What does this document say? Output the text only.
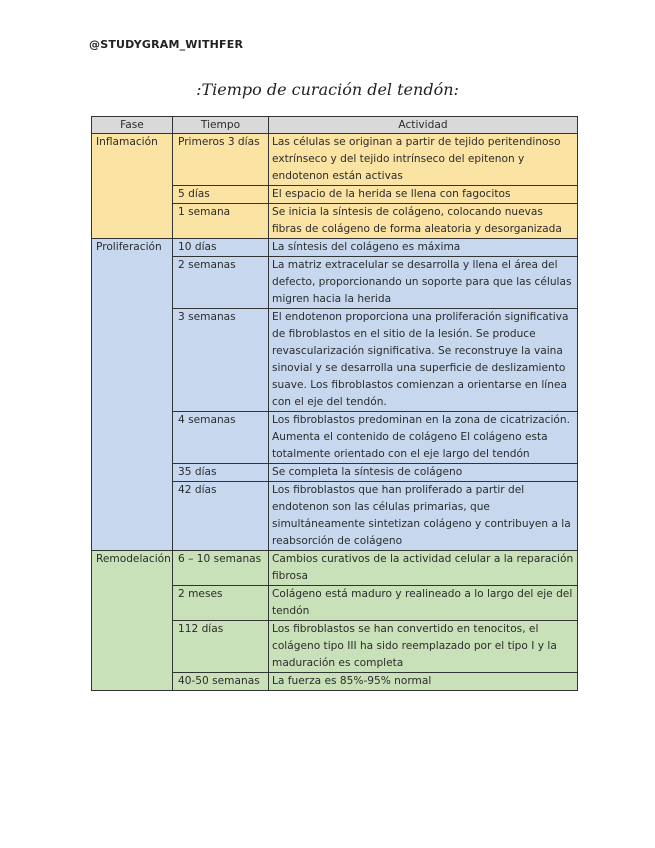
@STUDYGRAM_WITHFER
:Tiempo de curación del tendón:
Fase	Tiempo	Actividad
Inflamación	Primeros 3 días	Las células se originan a partir de tejido peritendinoso extrínseco y del tejido intrínseco del epitenon y endotenon están activas
	5 días	El espacio de la herida se llena con fagocitos
	1 semana	Se inicia la síntesis de colágeno, colocando nuevas fibras de colágeno de forma aleatoria y desorganizada
Proliferación	10 días	La síntesis del colágeno es máxima
	2 semanas	La matriz extracelular se desarrolla y llena el área del defecto, proporcionando un soporte para que las células migren hacia la herida
	3 semanas	El endotenon proporciona una proliferación significativa de fibroblastos en el sitio de la lesión. Se produce revascularización significativa. Se reconstruye la vaina sinovial y se desarrolla una superficie de deslizamiento suave. Los fibroblastos comienzan a orientarse en línea con el eje del tendón.
	4 semanas	Los fibroblastos predominan en la zona de cicatrización. Aumenta el contenido de colágeno El colágeno esta totalmente orientado con el eje largo del tendón
	35 días	Se completa la síntesis de colágeno
	42 días	Los fibroblastos que han proliferado a partir del endotenon son las células primarias, que simultáneamente sintetizan colágeno y contribuyen a la reabsorción de colágeno
Remodelación	6 – 10 semanas	Cambios curativos de la actividad celular a la reparación fibrosa
	2 meses	Colágeno está maduro y realineado a lo largo del eje del tendón
	112 días	Los fibroblastos se han convertido en tenocitos, el colágeno tipo III ha sido reemplazado por el tipo I y la maduración es completa
	40-50 semanas	La fuerza es 85%-95% normal
